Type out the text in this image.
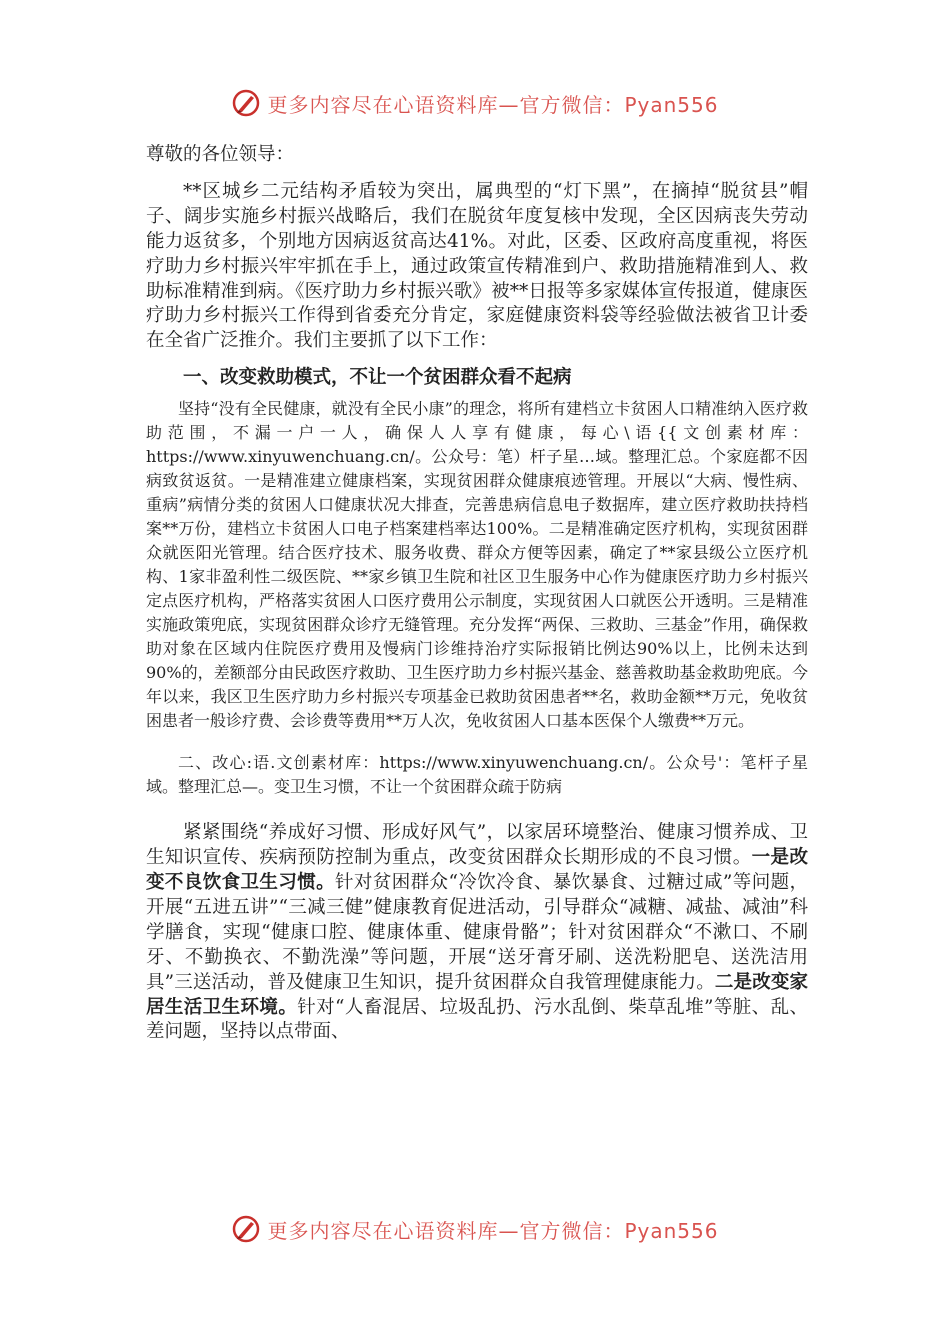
更多内容尽在心语资料库—官方微信：Pyan556

尊敬的各位领导：

**区城乡二元结构矛盾较为突出，属典型的“灯下黑”，在摘掉“脱贫县”帽子、阔步实施乡村振兴战略后，我们在脱贫年度复核中发现，全区因病丧失劳动能力返贫多，个别地方因病返贫高达41%。对此，区委、区政府高度重视，将医疗助力乡村振兴牢牢抓在手上，通过政策宣传精准到户、救助措施精准到人、救助标准精准到病。《医疗助力乡村振兴歌》被**日报等多家媒体宣传报道，健康医疗助力乡村振兴工作得到省委充分肯定，家庭健康资料袋等经验做法被省卫计委在全省广泛推介。我们主要抓了以下工作：

一、改变救助模式，不让一个贫困群众看不起病

坚持“没有全民健康，就没有全民小康”的理念，将所有建档立卡贫困人口精准纳入医疗救助范围，不漏一户一人，确保人人享有健康，每心\语{{文创素材库：https://www.xinyuwenchuang.cn/。公众号：笔）杆子星…域。整理汇总。个家庭都不因病致贫返贫。一是精准建立健康档案，实现贫困群众健康痕迹管理。开展以“大病、慢性病、重病”病情分类的贫困人口健康状况大排查，完善患病信息电子数据库，建立医疗救助扶持档案**万份，建档立卡贫困人口电子档案建档率达100%。二是精准确定医疗机构，实现贫困群众就医阳光管理。结合医疗技术、服务收费、群众方便等因素，确定了**家县级公立医疗机构、1家非盈利性二级医院、**家乡镇卫生院和社区卫生服务中心作为健康医疗助力乡村振兴定点医疗机构，严格落实贫困人口医疗费用公示制度，实现贫困人口就医公开透明。三是精准实施政策兜底，实现贫困群众诊疗无缝管理。充分发挥“两保、三救助、三基金”作用，确保救助对象在区域内住院医疗费用及慢病门诊维持治疗实际报销比例达90%以上，比例未达到90%的，差额部分由民政医疗救助、卫生医疗助力乡村振兴基金、慈善救助基金救助兜底。今年以来，我区卫生医疗助力乡村振兴专项基金已救助贫困患者**名，救助金额**万元，免收贫困患者一般诊疗费、会诊费等费用**万人次，免收贫困人口基本医保个人缴费**万元。

二、改心:语.文创素材库：https://www.xinyuwenchuang.cn/。公众号'：笔杆子星域。整理汇总—。变卫生习惯，不让一个贫困群众疏于防病

紧紧围绕“养成好习惯、形成好风气”，以家居环境整治、健康习惯养成、卫生知识宣传、疾病预防控制为重点，改变贫困群众长期形成的不良习惯。一是改变不良饮食卫生习惯。针对贫困群众“冷饮冷食、暴饮暴食、过糖过咸”等问题，开展“五进五讲”“三减三健”健康教育促进活动，引导群众“减糖、减盐、减油”科学膳食，实现“健康口腔、健康体重、健康骨骼”；针对贫困群众“不漱口、不刷牙、不勤换衣、不勤洗澡”等问题，开展“送牙膏牙刷、送洗粉肥皂、送洗洁用具”三送活动，普及健康卫生知识，提升贫困群众自我管理健康能力。二是改变家居生活卫生环境。针对“人畜混居、垃圾乱扔、污水乱倒、柴草乱堆”等脏、乱、差问题，坚持以点带面、

更多内容尽在心语资料库—官方微信：Pyan556
